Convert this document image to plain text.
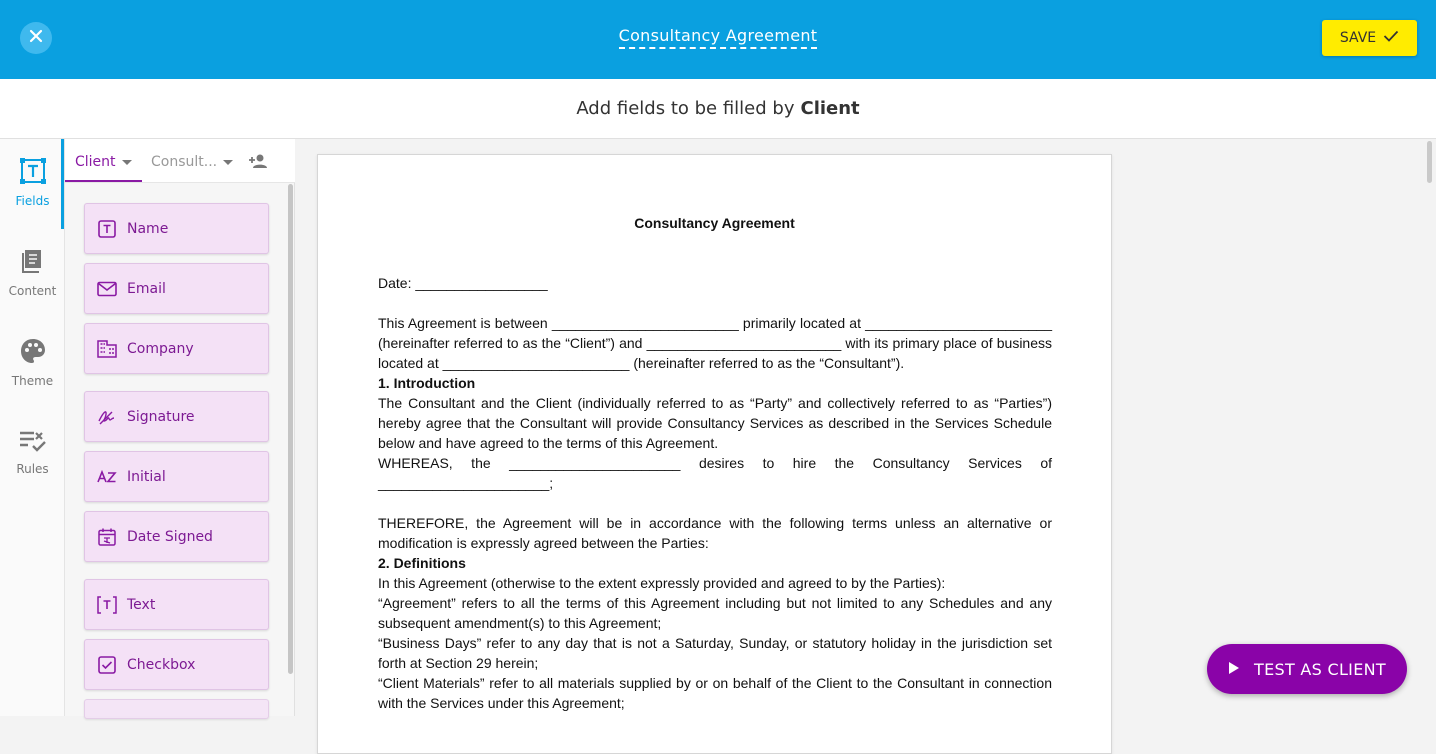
Consultancy Agreement	SAVE
Add fields to be filled by Client
Fields
Content
Theme
Rules
Client	Consult...
Name
Email
Company
Signature
Initial
Date Signed
Text
Checkbox
Consultancy Agreement

Date: _________________

This Agreement is between ________________________ primarily located at ________________________ (hereinafter referred to as the “Client”) and _________________________ with its primary place of business located at ________________________ (hereinafter referred to as the “Consultant”).

1. Introduction

The Consultant and the Client (individually referred to as “Party” and collectively referred to as “Parties”) hereby agree that the Consultant will provide Consultancy Services as described in the Services Schedule below and have agreed to the terms of this Agreement.

WHEREAS, the ______________________ desires to hire the Consultancy Services of

______________________;

THEREFORE, the Agreement will be in accordance with the following terms unless an alternative or modification is expressly agreed between the Parties:

2. Definitions

In this Agreement (otherwise to the extent expressly provided and agreed to by the Parties):

“Agreement” refers to all the terms of this Agreement including but not limited to any Schedules and any subsequent amendment(s) to this Agreement;

“Business Days” refer to any day that is not a Saturday, Sunday, or statutory holiday in the jurisdiction set forth at Section 29 herein;

“Client Materials” refer to all materials supplied by or on behalf of the Client to the Consultant in connection with the Services under this Agreement;

TEST AS CLIENT
